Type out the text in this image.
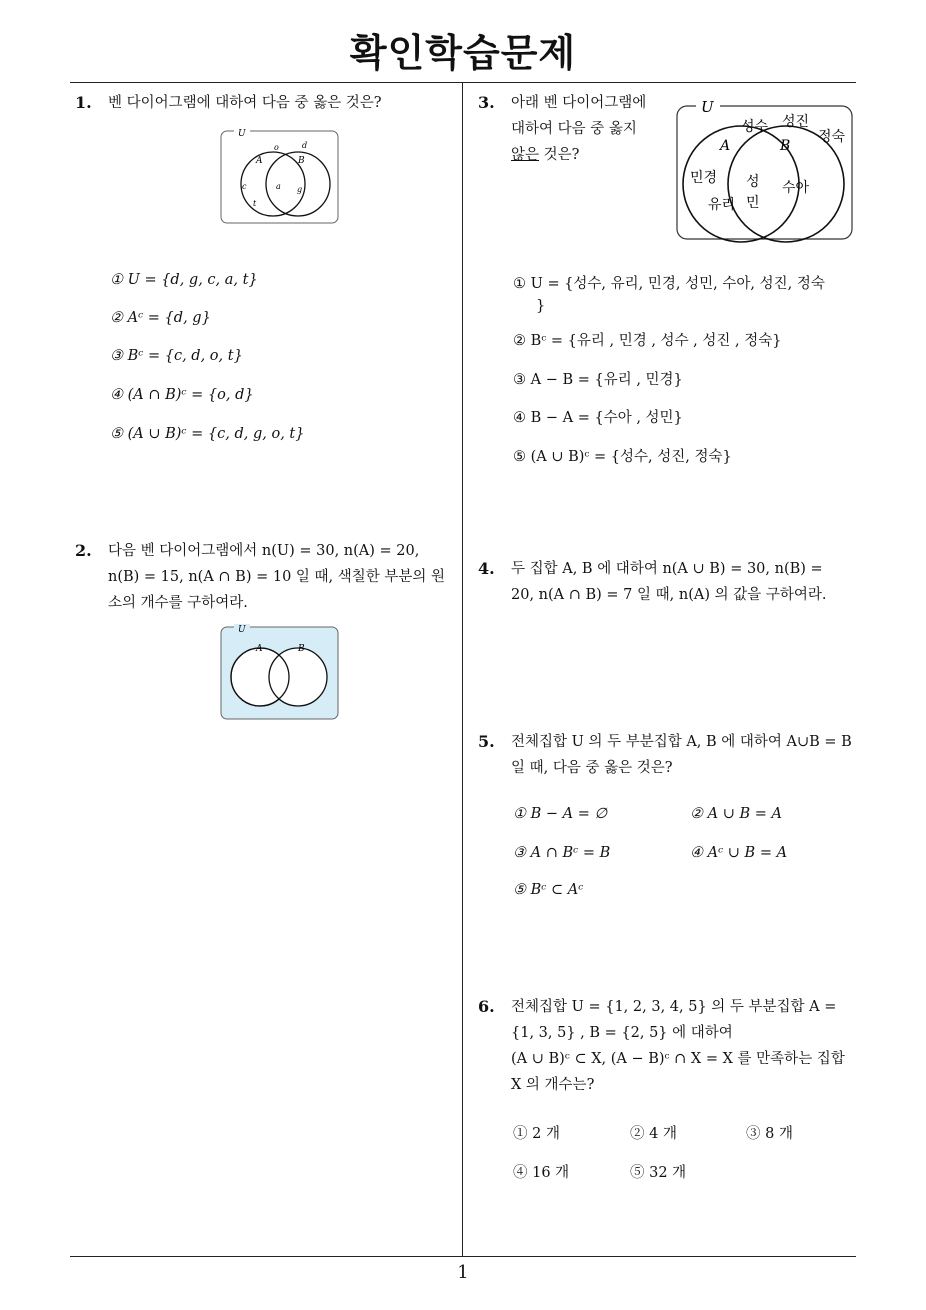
확인학습문제
1. 벤 다이어그램에 대하여 다음 중 옳은 것은?
U
A	B
o	d
c	a g
t
① U = {d, g, c, a, t}
② Aᶜ = {d, g}
③ Bᶜ = {c, d, o, t}
④ (A ∩ B)ᶜ = {o, d}
⑤ (A ∪ B)ᶜ = {c, d, g, o, t}
2. 다음 벤 다이어그램에서 n(U) = 30, n(A) = 20,
n(B) = 15, n(A ∩ B) = 10 일 때, 색칠한 부분의 원
소의 개수를 구하여라.
U
A	B
3. 아래 벤 다이어그램에
대하여 다음 중 옳지
않은 것은?
U
A	B
성수 성진
정숙
민경
유리
성
민
수아
① U = {성수, 유리, 민경, 성민, 수아, 성진, 정숙
}
② Bᶜ = {유리 , 민경 , 성수 , 성진 , 정숙}
③ A − B = {유리 , 민경}
④ B − A = {수아 , 성민}
⑤ (A ∪ B)ᶜ = {성수, 성진, 정숙}
4. 두 집합 A, B 에 대하여 n(A ∪ B) = 30, n(B) =
20, n(A ∩ B) = 7 일 때, n(A) 의 값을 구하여라.
5. 전체집합 U 의 두 부분집합 A, B 에 대하여 A∪B = B
일 때, 다음 중 옳은 것은?
① B − A = ∅	② A ∪ B = A
③ A ∩ Bᶜ = B	④ Aᶜ ∪ B = A
⑤ Bᶜ ⊂ Aᶜ
6. 전체집합 U = {1, 2, 3, 4, 5} 의 두 부분집합 A =
{1, 3, 5} , B = {2, 5} 에 대하여
(A ∪ B)ᶜ ⊂ X, (A − B)ᶜ ∩ X = X 를 만족하는 집합
X 의 개수는?
① 2 개	② 4 개	③ 8 개
④ 16 개	⑤ 32 개
1
